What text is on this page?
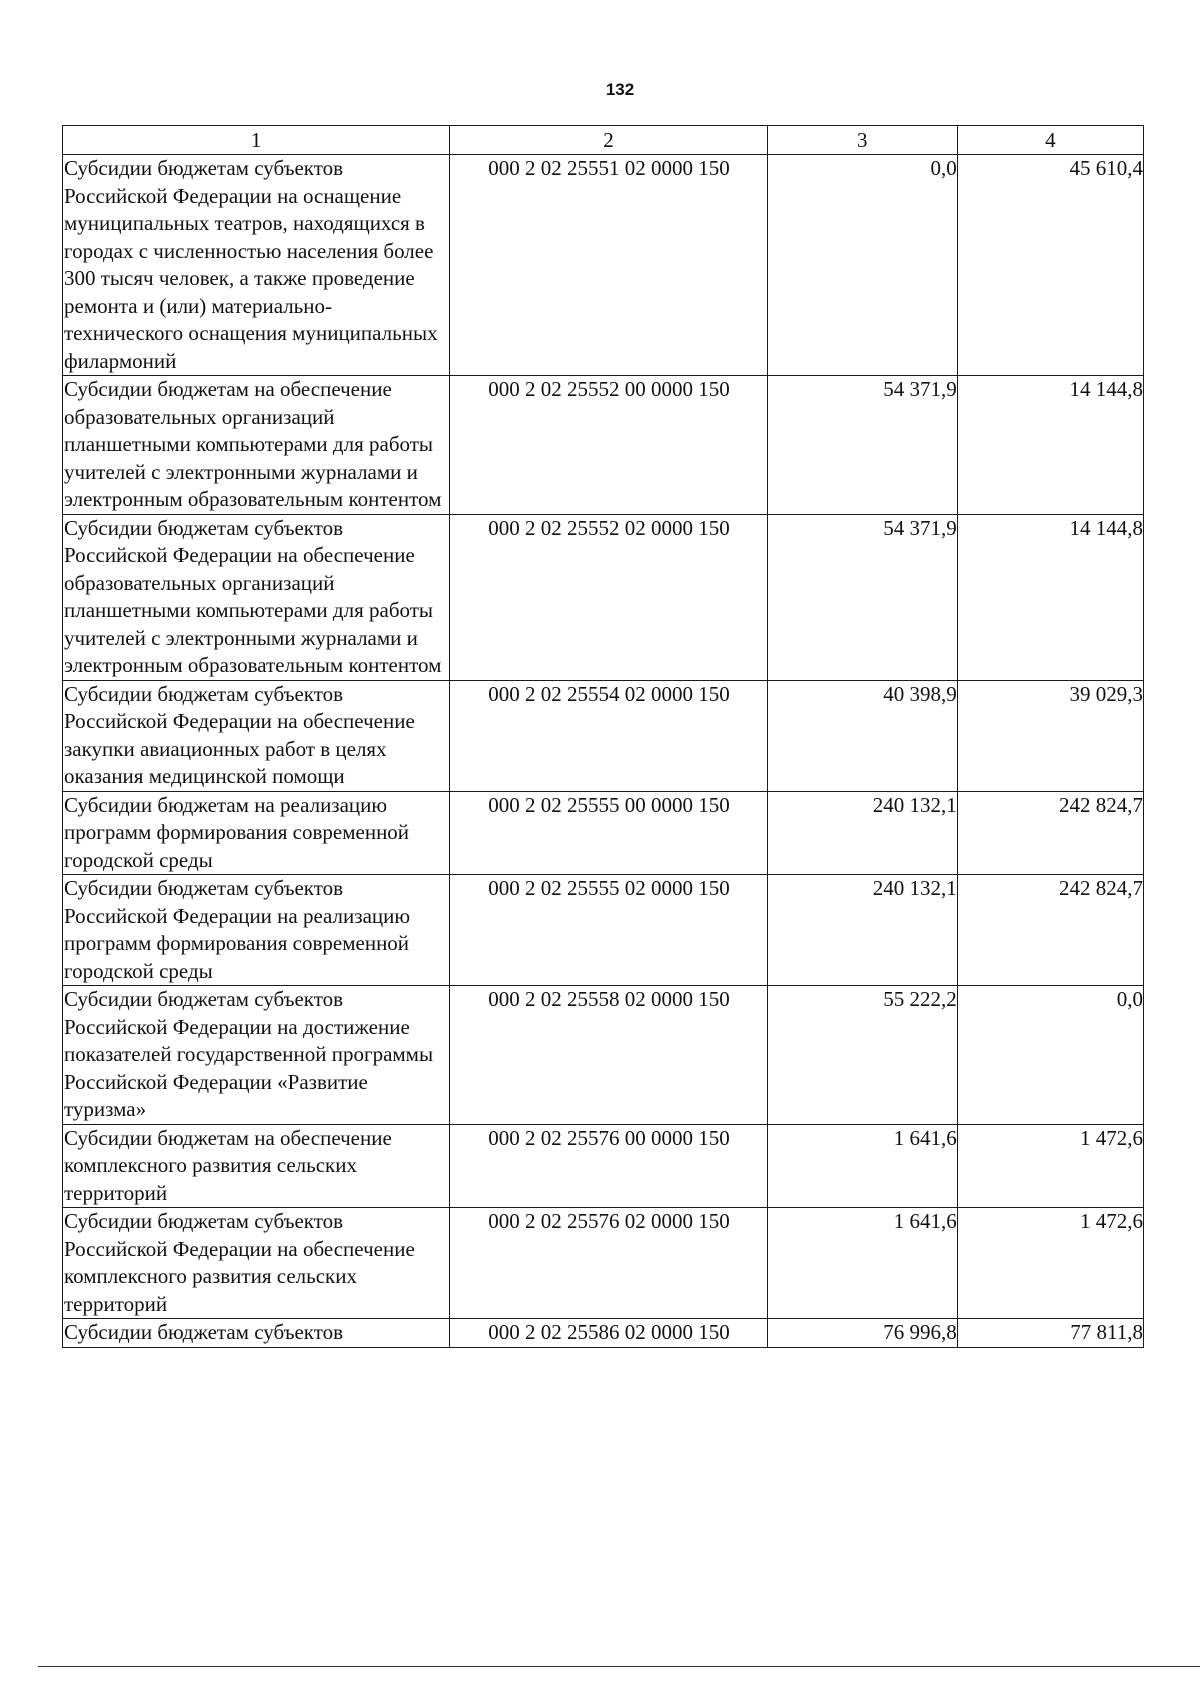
132
1	2	3	4
Субсидии бюджетам субъектов Российской Федерации на оснащение муниципальных театров, находящихся в городах с численностью населения более 300 тысяч человек, а также проведение ремонта и (или) материально-технического оснащения муниципальных филармоний	000 2 02 25551 02 0000 150	0,0	45 610,4
Субсидии бюджетам на обеспечение образовательных организаций планшетными компьютерами для работы учителей с электронными журналами и электронным образовательным контентом	000 2 02 25552 00 0000 150	54 371,9	14 144,8
Субсидии бюджетам субъектов Российской Федерации на обеспечение образовательных организаций планшетными компьютерами для работы учителей с электронными журналами и электронным образовательным контентом	000 2 02 25552 02 0000 150	54 371,9	14 144,8
Субсидии бюджетам субъектов Российской Федерации на обеспечение закупки авиационных работ в целях оказания медицинской помощи	000 2 02 25554 02 0000 150	40 398,9	39 029,3
Субсидии бюджетам на реализацию программ формирования современной городской среды	000 2 02 25555 00 0000 150	240 132,1	242 824,7
Субсидии бюджетам субъектов Российской Федерации на реализацию программ формирования современной городской среды	000 2 02 25555 02 0000 150	240 132,1	242 824,7
Субсидии бюджетам субъектов Российской Федерации на достижение показателей государственной программы Российской Федерации «Развитие туризма»	000 2 02 25558 02 0000 150	55 222,2	0,0
Субсидии бюджетам на обеспечение комплексного развития сельских территорий	000 2 02 25576 00 0000 150	1 641,6	1 472,6
Субсидии бюджетам субъектов Российской Федерации на обеспечение комплексного развития сельских территорий	000 2 02 25576 02 0000 150	1 641,6	1 472,6
Субсидии бюджетам субъектов	000 2 02 25586 02 0000 150	76 996,8	77 811,8
